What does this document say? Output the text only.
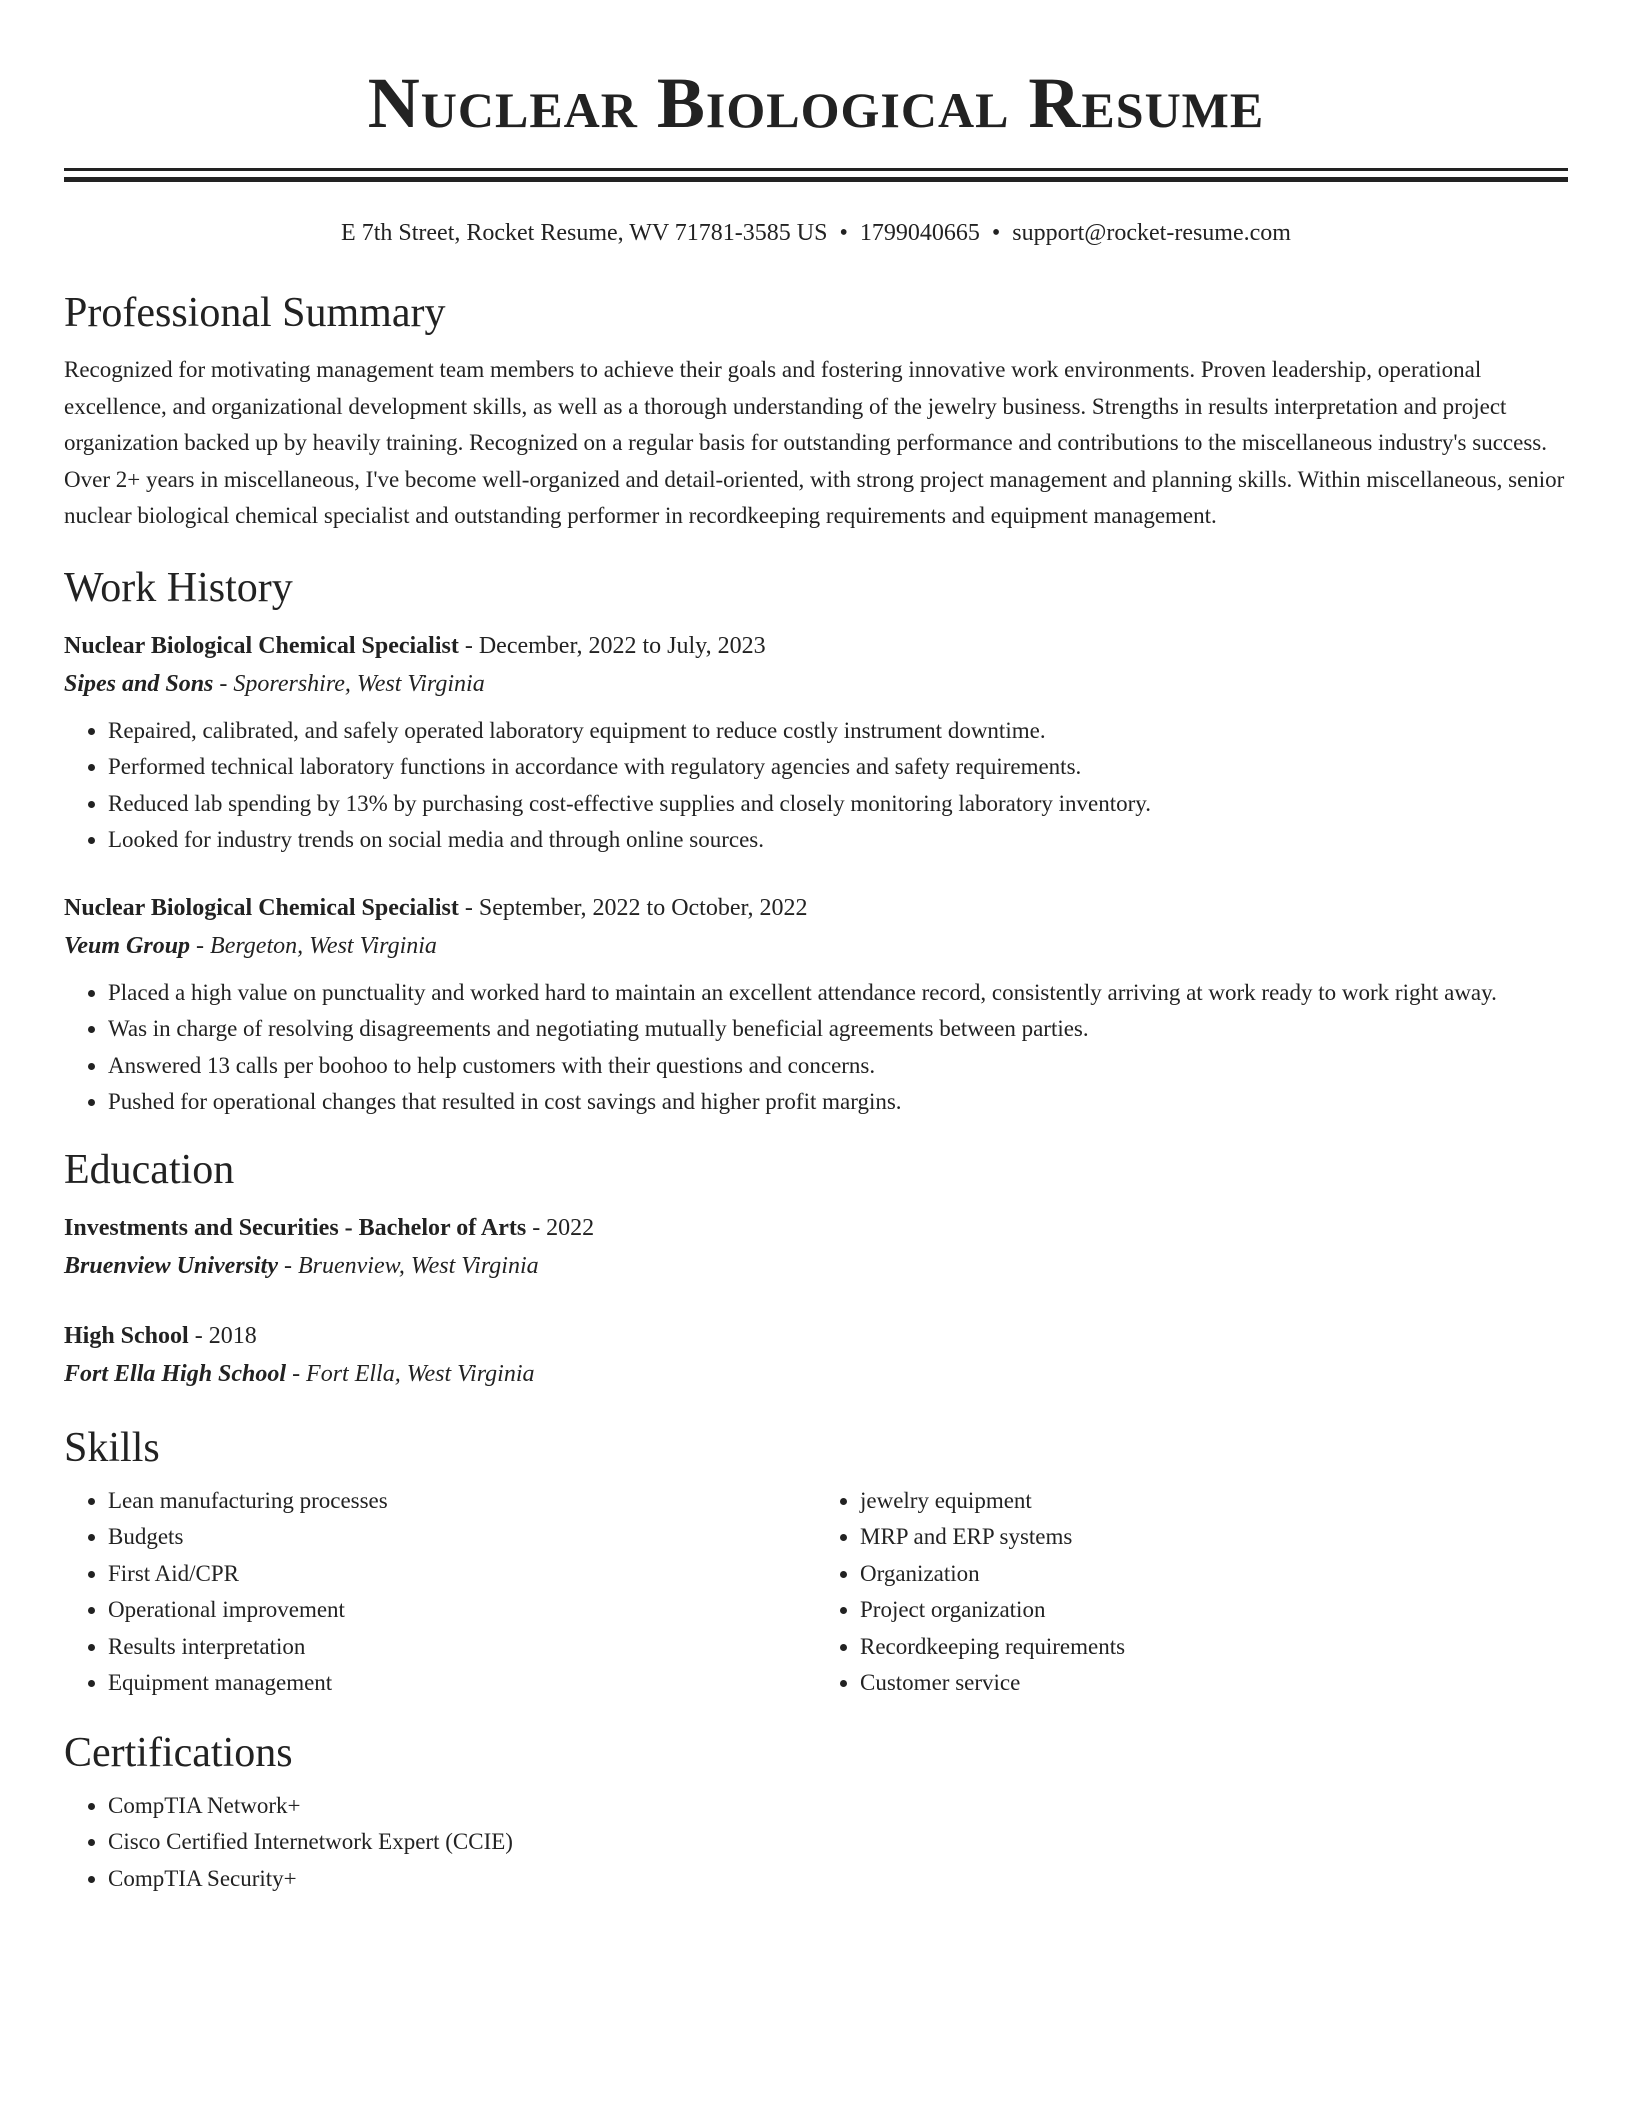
Nuclear Biological Resume
E 7th Street, Rocket Resume, WV 71781-3585 US • 1799040665 • support@rocket-resume.com
Professional Summary
Recognized for motivating management team members to achieve their goals and fostering innovative work environments. Proven leadership, operational excellence, and organizational development skills, as well as a thorough understanding of the jewelry business. Strengths in results interpretation and project organization backed up by heavily training. Recognized on a regular basis for outstanding performance and contributions to the miscellaneous industry's success. Over 2+ years in miscellaneous, I've become well-organized and detail-oriented, with strong project management and planning skills. Within miscellaneous, senior nuclear biological chemical specialist and outstanding performer in recordkeeping requirements and equipment management.
Work History
Nuclear Biological Chemical Specialist - December, 2022 to July, 2023
Sipes and Sons - Sporershire, West Virginia
• Repaired, calibrated, and safely operated laboratory equipment to reduce costly instrument downtime.
• Performed technical laboratory functions in accordance with regulatory agencies and safety requirements.
• Reduced lab spending by 13% by purchasing cost-effective supplies and closely monitoring laboratory inventory.
• Looked for industry trends on social media and through online sources.
Nuclear Biological Chemical Specialist - September, 2022 to October, 2022
Veum Group - Bergeton, West Virginia
• Placed a high value on punctuality and worked hard to maintain an excellent attendance record, consistently arriving at work ready to work right away.
• Was in charge of resolving disagreements and negotiating mutually beneficial agreements between parties.
• Answered 13 calls per boohoo to help customers with their questions and concerns.
• Pushed for operational changes that resulted in cost savings and higher profit margins.
Education
Investments and Securities - Bachelor of Arts - 2022
Bruenview University - Bruenview, West Virginia
High School - 2018
Fort Ella High School - Fort Ella, West Virginia
Skills
• Lean manufacturing processes
• Budgets
• First Aid/CPR
• Operational improvement
• Results interpretation
• Equipment management
• jewelry equipment
• MRP and ERP systems
• Organization
• Project organization
• Recordkeeping requirements
• Customer service
Certifications
• CompTIA Network+
• Cisco Certified Internetwork Expert (CCIE)
• CompTIA Security+
